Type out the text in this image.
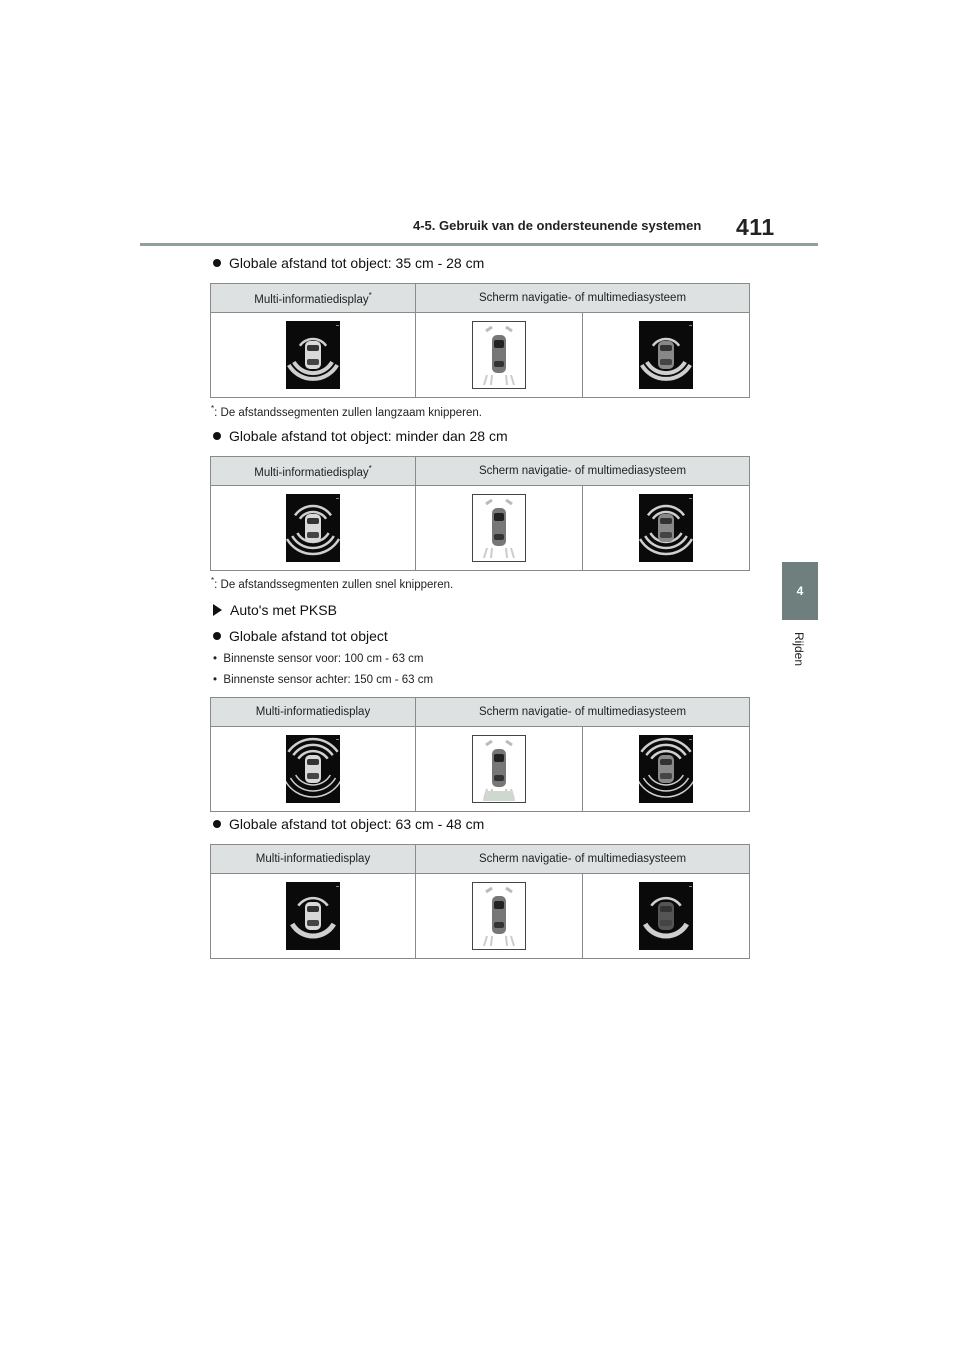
4-5. Gebruik van de ondersteunende systemen 411
4
Rijden
Globale afstand tot object: 35 cm - 28 cm
Multi-informatiedisplay*	Scherm navigatie- of multimediasysteem	

*: De afstandssegmenten zullen langzaam knipperen.
Globale afstand tot object: minder dan 28 cm
Multi-informatiedisplay*	Scherm navigatie- of multimediasysteem	

*: De afstandssegmenten zullen snel knipperen.
Auto's met PKSB
Globale afstand tot object
•  Binnenste sensor voor: 100 cm - 63 cm
•  Binnenste sensor achter: 150 cm - 63 cm
Multi-informatiedisplay	Scherm navigatie- of multimediasysteem	

Globale afstand tot object: 63 cm - 48 cm
Multi-informatiedisplay	Scherm navigatie- of multimediasysteem	
